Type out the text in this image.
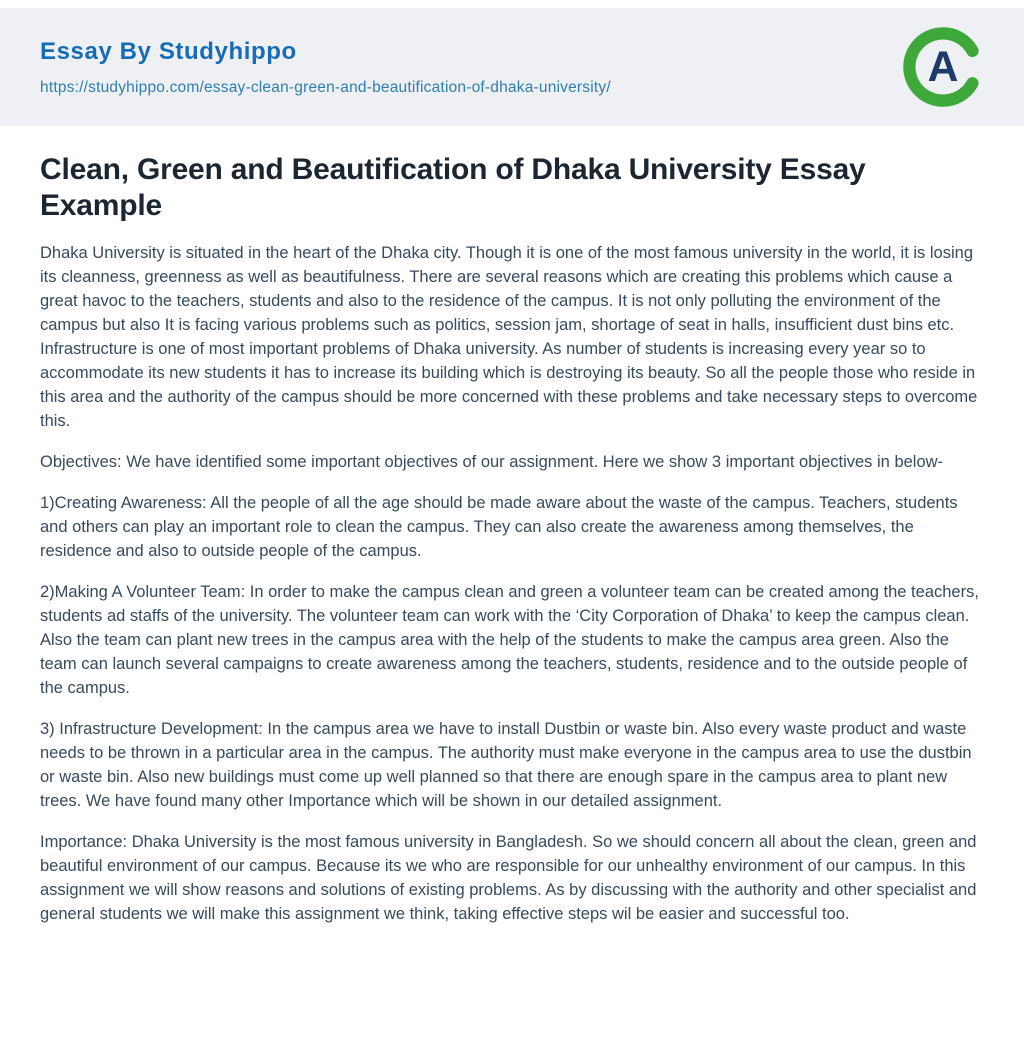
Essay By Studyhippo
https://studyhippo.com/essay-clean-green-and-beautification-of-dhaka-university/	A
Clean, Green and Beautification of Dhaka University Essay Example

Dhaka University is situated in the heart of the Dhaka city. Though it is one of the most famous university in the world, it is losing its cleanness, greenness as well as beautifulness. There are several reasons which are creating this problems which cause a great havoc to the teachers, students and also to the residence of the campus. It is not only polluting the environment of the campus but also It is facing various problems such as politics, session jam, shortage of seat in halls, insufficient dust bins etc. Infrastructure is one of most important problems of Dhaka university. As number of students is increasing every year so to accommodate its new students it has to increase its building which is destroying its beauty. So all the people those who reside in this area and the authority of the campus should be more concerned with these problems and take necessary steps to overcome this.

Objectives: We have identified some important objectives of our assignment. Here we show 3 important objectives in below-

1)Creating Awareness: All the people of all the age should be made aware about the waste of the campus. Teachers, students and others can play an important role to clean the campus. They can also create the awareness among themselves, the residence and also to outside people of the campus.

2)Making A Volunteer Team: In order to make the campus clean and green a volunteer team can be created among the teachers, students ad staffs of the university. The volunteer team can work with the ‘City Corporation of Dhaka’ to keep the campus clean. Also the team can plant new trees in the campus area with the help of the students to make the campus area green. Also the team can launch several campaigns to create awareness among the teachers, students, residence and to the outside people of the campus.

3) Infrastructure Development: In the campus area we have to install Dustbin or waste bin. Also every waste product and waste needs to be thrown in a particular area in the campus. The authority must make everyone in the campus area to use the dustbin or waste bin. Also new buildings must come up well planned so that there are enough spare in the campus area to plant new trees. We have found many other Importance which will be shown in our detailed assignment.

Importance: Dhaka University is the most famous university in Bangladesh. So we should concern all about the clean, green and beautiful environment of our campus. Because its we who are responsible for our unhealthy environment of our campus. In this assignment we will show reasons and solutions of existing problems. As by discussing with the authority and other specialist and general students we will make this assignment we think, taking effective steps wil be easier and successful too.
